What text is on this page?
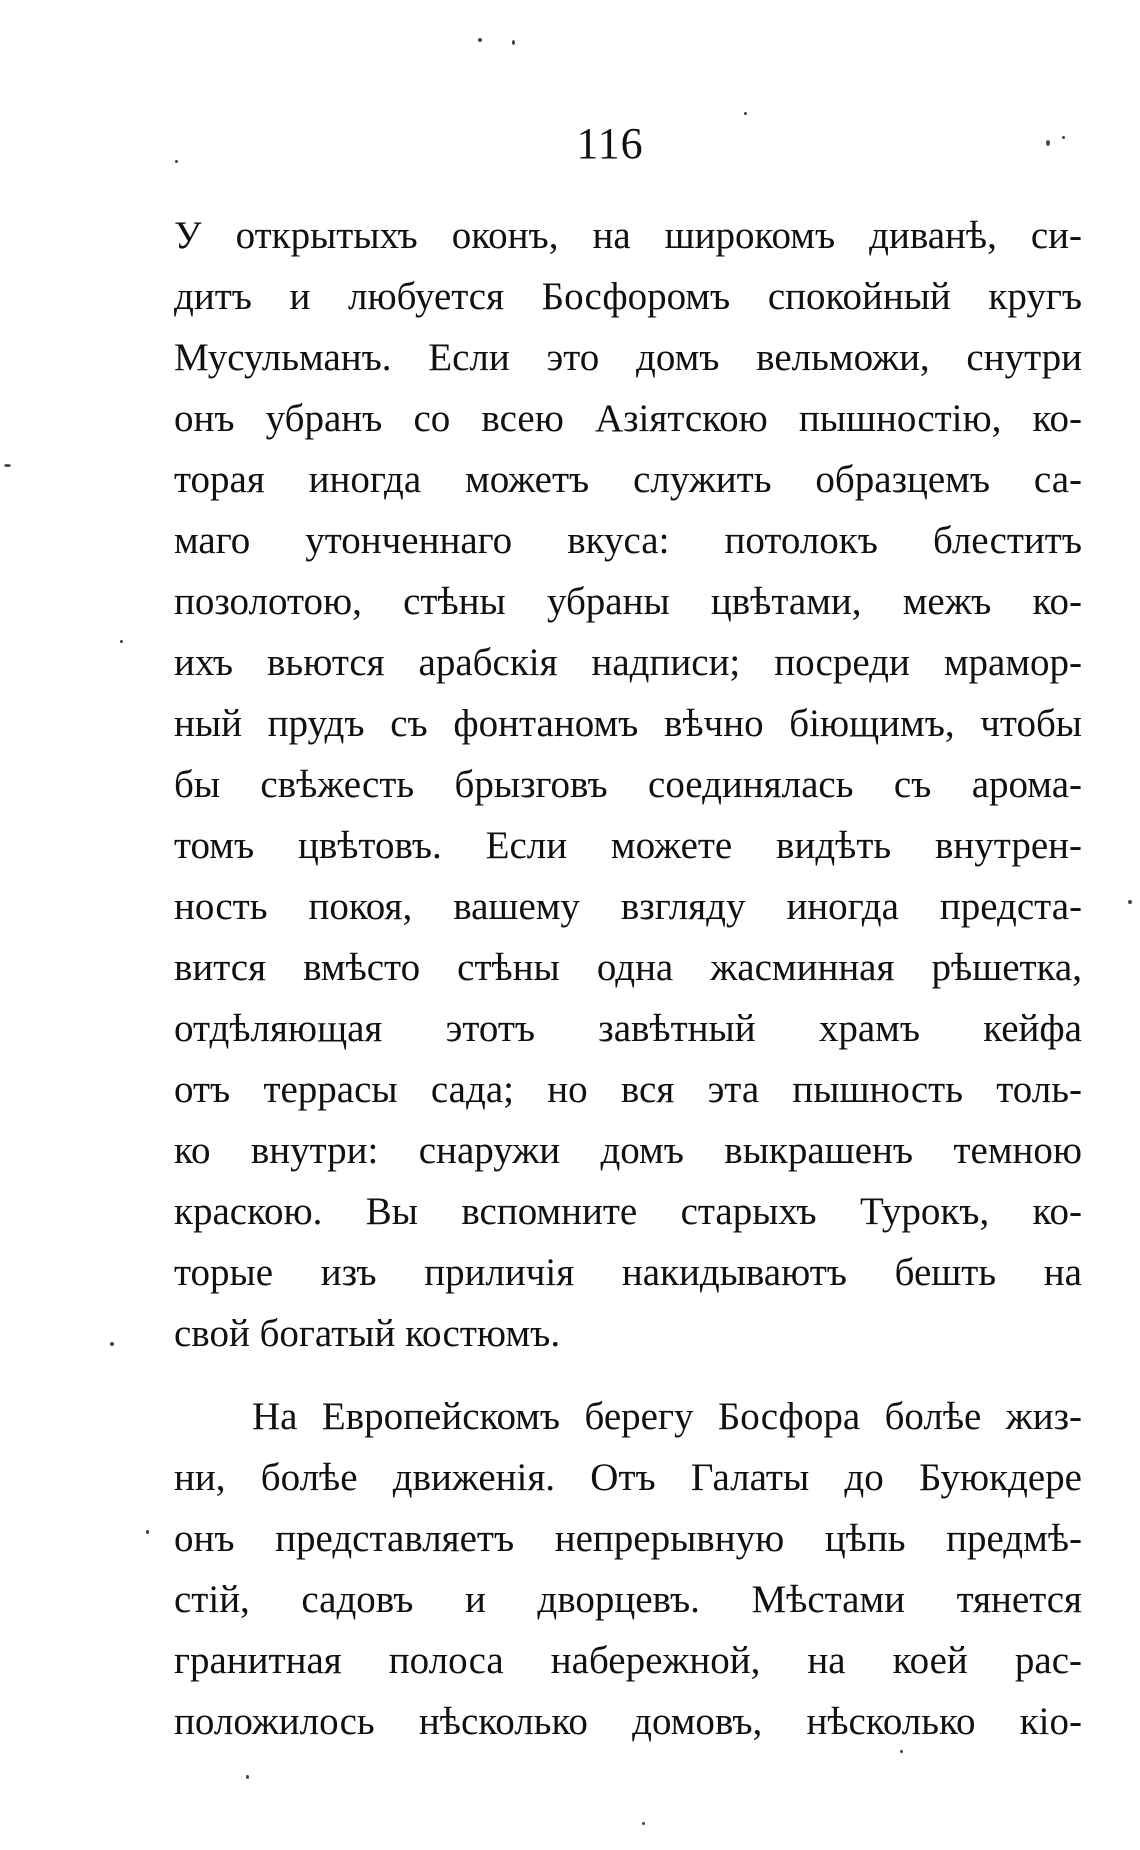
116
У открытыхъ оконъ, на широкомъ диванѣ, си-
дитъ и любуется Босфоромъ спокойный кругъ
Мусульманъ. Если это домъ вельможи, снутри
онъ убранъ со всею Азіятскою пышностію, ко-
торая иногда можетъ служить образцемъ са-
маго утонченнаго вкуса: потолокъ блеститъ
позолотою, стѣны убраны цвѣтами, межъ ко-
ихъ вьются арабскія надписи; посреди мрамор-
ный прудъ съ фонтаномъ вѣчно біющимъ, чтобы
бы свѣжесть брызговъ соединялась съ арома-
томъ цвѣтовъ. Если можете видѣть внутрен-
ность покоя, вашему взгляду иногда предста-
вится вмѣсто стѣны одна жасминная рѣшетка,
отдѣляющая этотъ завѣтный храмъ кейфа
отъ террасы сада; но вся эта пышность толь-
ко внутри: снаружи домъ выкрашенъ темною
краскою. Вы вспомните старыхъ Турокъ, ко-
торые изъ приличія накидываютъ бешть на
свой богатый костюмъ.
На Европейскомъ берегу Босфора болѣе жиз-
ни, болѣе движенія. Отъ Галаты до Буюкдере
онъ представляетъ непрерывную цѣпь предмѣ-
стій, садовъ и дворцевъ. Мѣстами тянется
гранитная полоса набережной, на коей рас-
положилось нѣсколько домовъ, нѣсколько кіо-
